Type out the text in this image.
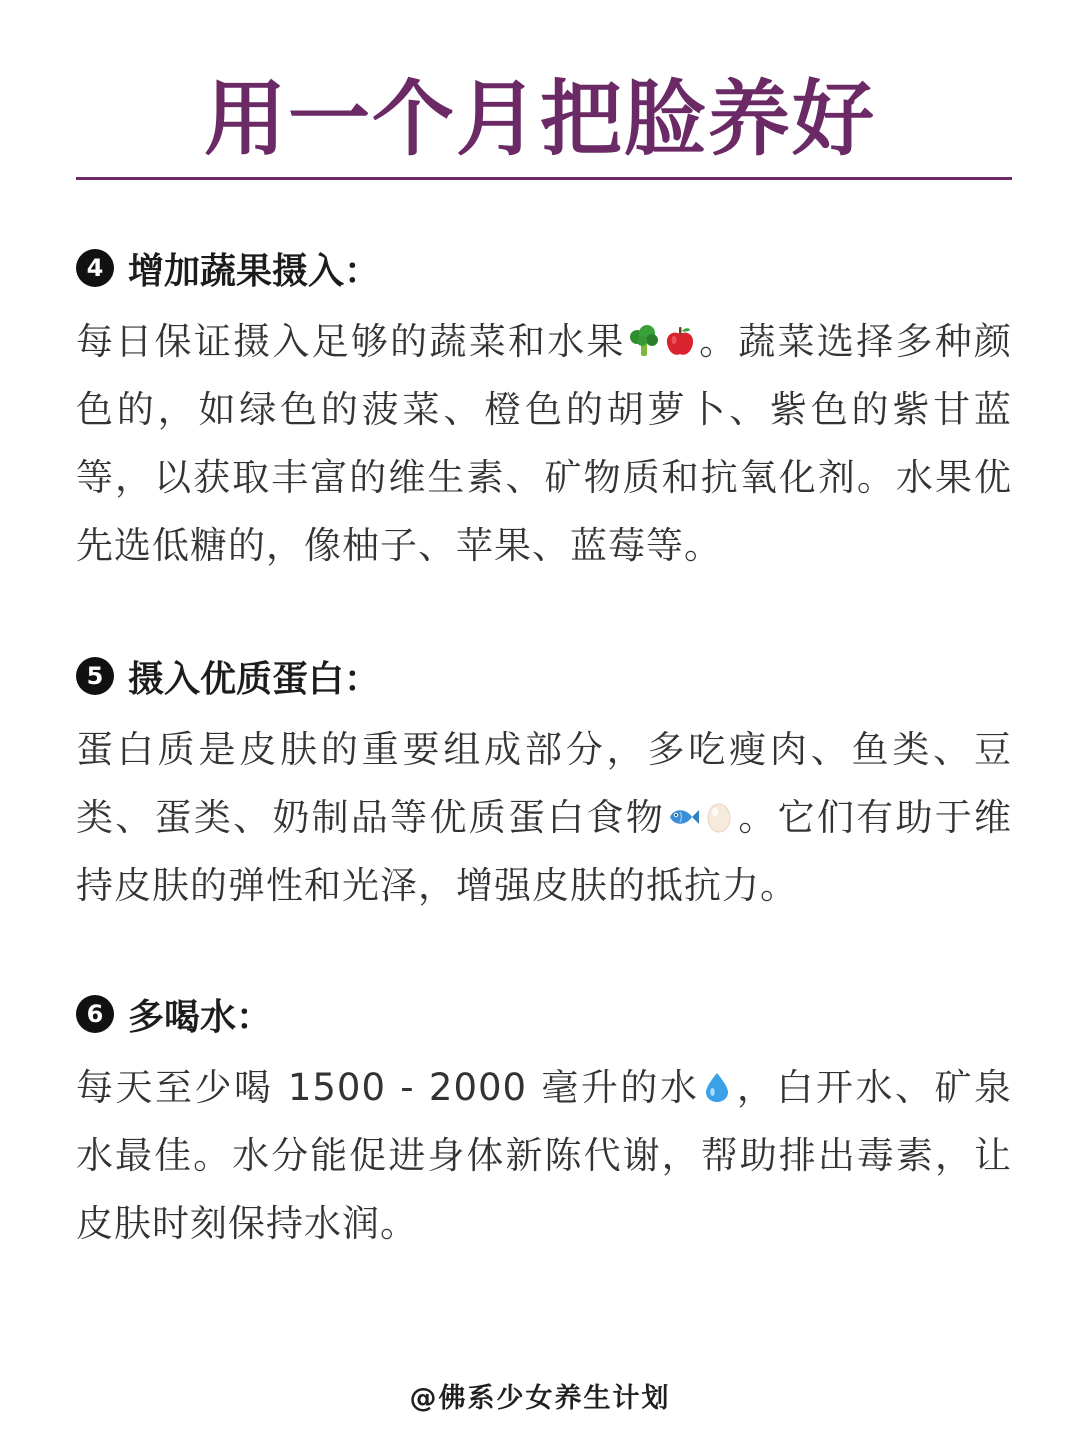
用一个月把脸养好
4 增加蔬果摄入：
每日保证摄入足够的蔬菜和水果 。蔬菜选择多种颜色的，如绿色的菠菜、橙色的胡萝卜、紫色的紫甘蓝等，以获取丰富的维生素、矿物质和抗氧化剂。水果优先选低糖的，像柚子、苹果、蓝莓等。
5 摄入优质蛋白：
蛋白质是皮肤的重要组成部分，多吃瘦肉、鱼类、豆类、蛋类、奶制品等优质蛋白食物 。它们有助于维持皮肤的弹性和光泽，增强皮肤的抵抗力。
6 多喝水：
每天至少喝 1500 - 2000 毫升的水 ，白开水、矿泉水最佳。水分能促进身体新陈代谢，帮助排出毒素，让皮肤时刻保持水润。
@佛系少女养生计划
